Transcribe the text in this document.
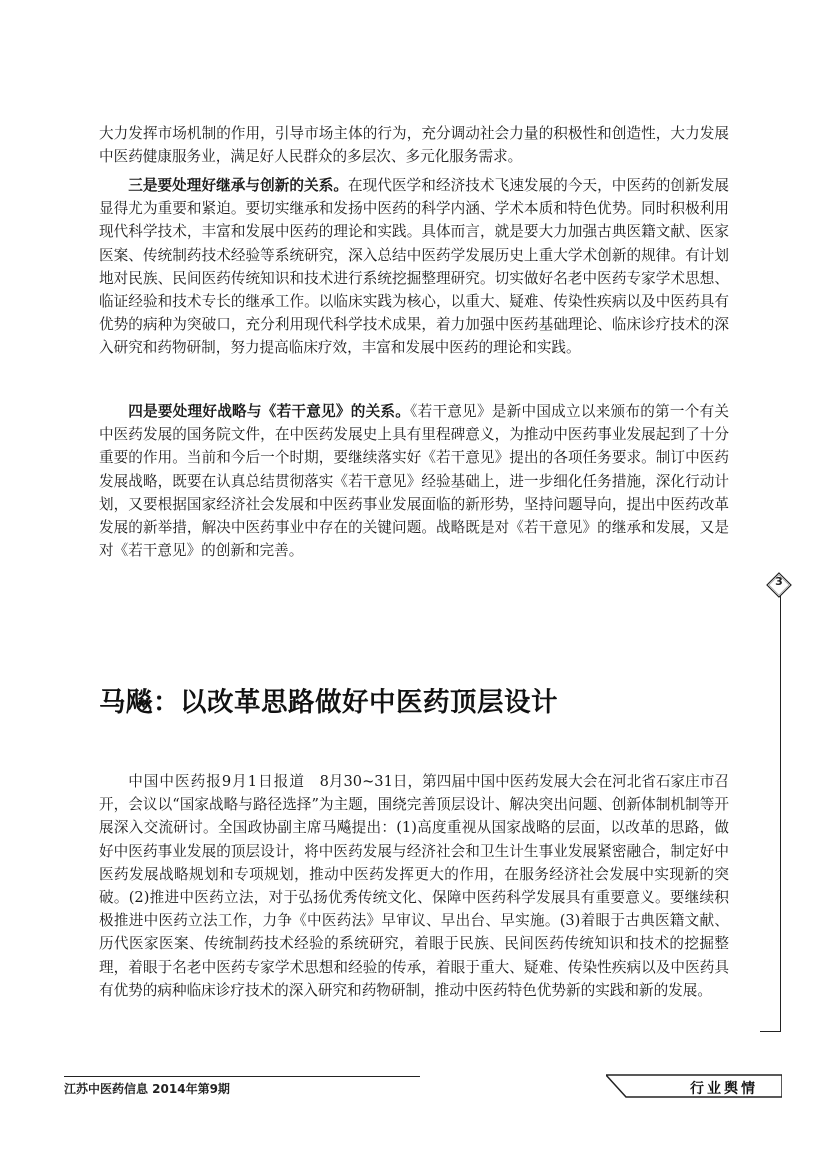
大力发挥市场机制的作用，引导市场主体的行为，充分调动社会力量的积极性和创造性，大力发展中医药健康服务业，满足好人民群众的多层次、多元化服务需求。

三是要处理好继承与创新的关系。在现代医学和经济技术飞速发展的今天，中医药的创新发展显得尤为重要和紧迫。要切实继承和发扬中医药的科学内涵、学术本质和特色优势。同时积极利用现代科学技术，丰富和发展中医药的理论和实践。具体而言，就是要大力加强古典医籍文献、医家医案、传统制药技术经验等系统研究，深入总结中医药学发展历史上重大学术创新的规律。有计划地对民族、民间医药传统知识和技术进行系统挖掘整理研究。切实做好名老中医药专家学术思想、临证经验和技术专长的继承工作。以临床实践为核心，以重大、疑难、传染性疾病以及中医药具有优势的病种为突破口，充分利用现代科学技术成果，着力加强中医药基础理论、临床诊疗技术的深入研究和药物研制，努力提高临床疗效，丰富和发展中医药的理论和实践。

四是要处理好战略与《若干意见》的关系。《若干意见》是新中国成立以来颁布的第一个有关中医药发展的国务院文件，在中医药发展史上具有里程碑意义，为推动中医药事业发展起到了十分重要的作用。当前和今后一个时期，要继续落实好《若干意见》提出的各项任务要求。制订中医药发展战略，既要在认真总结贯彻落实《若干意见》经验基础上，进一步细化任务措施，深化行动计划，又要根据国家经济社会发展和中医药事业发展面临的新形势，坚持问题导向，提出中医药改革发展的新举措，解决中医药事业中存在的关键问题。战略既是对《若干意见》的继承和发展，又是对《若干意见》的创新和完善。

马飚：以改革思路做好中医药顶层设计

中国中医药报9月1日报道　 8月30~31日，第四届中国中医药发展大会在河北省石家庄市召开，会议以“国家战略与路径选择”为主题，围绕完善顶层设计、解决突出问题、创新体制机制等开展深入交流研讨。全国政协副主席马飚提出：(1)高度重视从国家战略的层面，以改革的思路，做好中医药事业发展的顶层设计，将中医药发展与经济社会和卫生计生事业发展紧密融合，制定好中医药发展战略规划和专项规划，推动中医药发挥更大的作用，在服务经济社会发展中实现新的突破。(2)推进中医药立法，对于弘扬优秀传统文化、保障中医药科学发展具有重要意义。要继续积极推进中医药立法工作，力争《中医药法》早审议、早出台、早实施。(3)着眼于古典医籍文献、历代医家医案、传统制药技术经验的系统研究，着眼于民族、民间医药传统知识和技术的挖掘整理，着眼于名老中医药专家学术思想和经验的传承，着眼于重大、疑难、传染性疾病以及中医药具有优势的病种临床诊疗技术的深入研究和药物研制，推动中医药特色优势新的实践和新的发展。

3
江苏中医药信息 2014年第9期	行业舆情
